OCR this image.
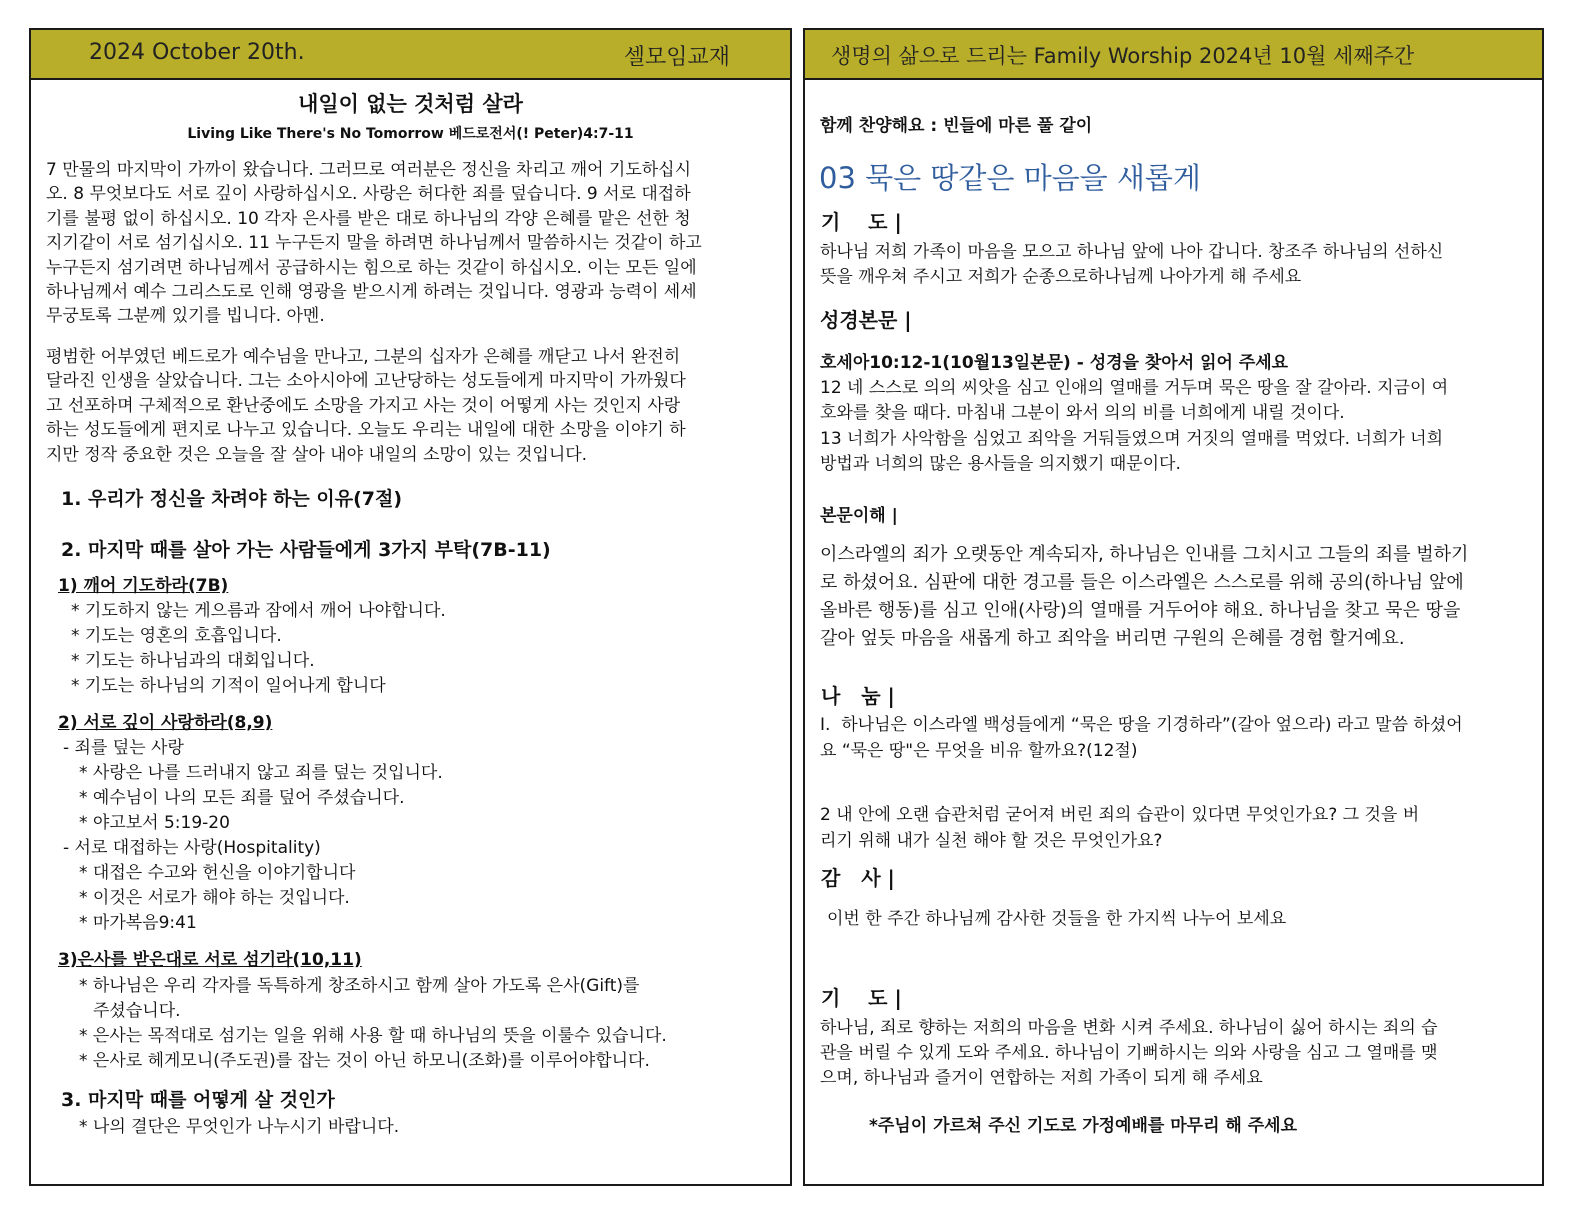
2024 October 20th.	셀모임교재
내일이 없는 것처럼 살라
Living Like There's No Tomorrow 베드로전서(! Peter)4:7-11
7 만물의 마지막이 가까이 왔습니다. 그러므로 여러분은 정신을 차리고 깨어 기도하십시
오. 8 무엇보다도 서로 깊이 사랑하십시오. 사랑은 허다한 죄를 덮습니다. 9 서로 대접하
기를 불평 없이 하십시오. 10 각자 은사를 받은 대로 하나님의 각양 은혜를 맡은 선한 청
지기같이 서로 섬기십시오. 11 누구든지 말을 하려면 하나님께서 말씀하시는 것같이 하고
누구든지 섬기려면 하나님께서 공급하시는 힘으로 하는 것같이 하십시오. 이는 모든 일에
하나님께서 예수 그리스도로 인해 영광을 받으시게 하려는 것입니다. 영광과 능력이 세세
무궁토록 그분께 있기를 빕니다. 아멘.
평범한 어부였던 베드로가 예수님을 만나고, 그분의 십자가 은혜를 깨닫고 나서 완전히
달라진 인생을 살았습니다. 그는 소아시아에 고난당하는 성도들에게 마지막이 가까웠다
고 선포하며 구체적으로 환난중에도 소망을 가지고 사는 것이 어떻게 사는 것인지 사랑
하는 성도들에게 편지로 나누고 있습니다. 오늘도 우리는 내일에 대한 소망을 이야기 하
지만 정작 중요한 것은 오늘을 잘 살아 내야 내일의 소망이 있는 것입니다.
1. 우리가 정신을 차려야 하는 이유(7절)
2. 마지막 때를 살아 가는 사람들에게 3가지 부탁(7B-11)
1) 깨어 기도하라(7B)
* 기도하지 않는 게으름과 잠에서 깨어 나야합니다.
* 기도는 영혼의 호흡입니다.
* 기도는 하나님과의 대회입니다.
* 기도는 하나님의 기적이 일어나게 합니다
2) 서로 깊이 사랑하라(8,9)
- 죄를 덮는 사랑
* 사랑은 나를 드러내지 않고 죄를 덮는 것입니다.
* 예수님이 나의 모든 죄를 덮어 주셨습니다.
* 야고보서 5:19-20
- 서로 대접하는 사랑(Hospitality)
* 대접은 수고와 헌신을 이야기합니다
* 이것은 서로가 해야 하는 것입니다.
* 마가복음9:41
3)은사를 받은대로 서로 섬기라(10,11)
* 하나님은 우리 각자를 독특하게 창조하시고 함께 살아 가도록 은사(Gift)를
주셨습니다.
* 은사는 목적대로 섬기는 일을 위해 사용 할 때 하나님의 뜻을 이룰수 있습니다.
* 은사로 헤게모니(주도권)를 잡는 것이 아닌 하모니(조화)를 이루어야합니다.
3. 마지막 때를 어떻게 살 것인가
* 나의 결단은 무엇인가 나누시기 바랍니다.
생명의 삶으로 드리는 Family Worship 2024년 10월 세째주간
함께 찬양해요 : 빈들에 마른 풀 같이
03 묵은 땅같은 마음을 새롭게
기    도 |
하나님 저희 가족이 마음을 모으고 하나님 앞에 나아 갑니다. 창조주 하나님의 선하신
뜻을 깨우쳐 주시고 저희가 순종으로하나님께 나아가게 해 주세요
성경본문 |
호세아10:12-1(10월13일본문) - 성경을 찾아서 읽어 주세요
12 네 스스로 의의 씨앗을 심고 인애의 열매를 거두며 묵은 땅을 잘 갈아라. 지금이 여
호와를 찾을 때다. 마침내 그분이 와서 의의 비를 너희에게 내릴 것이다.
13 너희가 사악함을 심었고 죄악을 거둬들였으며 거짓의 열매를 먹었다. 너희가 너희
방법과 너희의 많은 용사들을 의지했기 때문이다.
본문이해 |
이스라엘의 죄가 오랫동안 계속되자, 하나님은 인내를 그치시고 그들의 죄를 벌하기
로 하셨어요. 심판에 대한 경고를 들은 이스라엘은 스스로를 위해 공의(하나님 앞에
올바른 행동)를 심고 인애(사랑)의 열매를 거두어야 해요. 하나님을 찾고 묵은 땅을
갈아 엎듯 마음을 새롭게 하고 죄악을 버리면 구원의 은혜를 경험 할거예요.
나   눔 |
I.  하나님은 이스라엘 백성들에게 “묵은 땅을 기경하라”(갈아 엎으라) 라고 말씀 하셨어
요 “묵은 땅"은 무엇을 비유 할까요?(12절)
2 내 안에 오랜 습관처럼 굳어져 버린 죄의 습관이 있다면 무엇인가요? 그 것을 버
리기 위해 내가 실천 해야 할 것은 무엇인가요?
감   사 |
이번 한 주간 하나님께 감사한 것들을 한 가지씩 나누어 보세요
기    도 |
하나님, 죄로 향하는 저희의 마음을 변화 시켜 주세요. 하나님이 싫어 하시는 죄의 습
관을 버릴 수 있게 도와 주세요. 하나님이 기뻐하시는 의와 사랑을 심고 그 열매를 맺
으며, 하나님과 즐거이 연합하는 저희 가족이 되게 해 주세요
*주님이 가르쳐 주신 기도로 가정예배를 마무리 해 주세요
